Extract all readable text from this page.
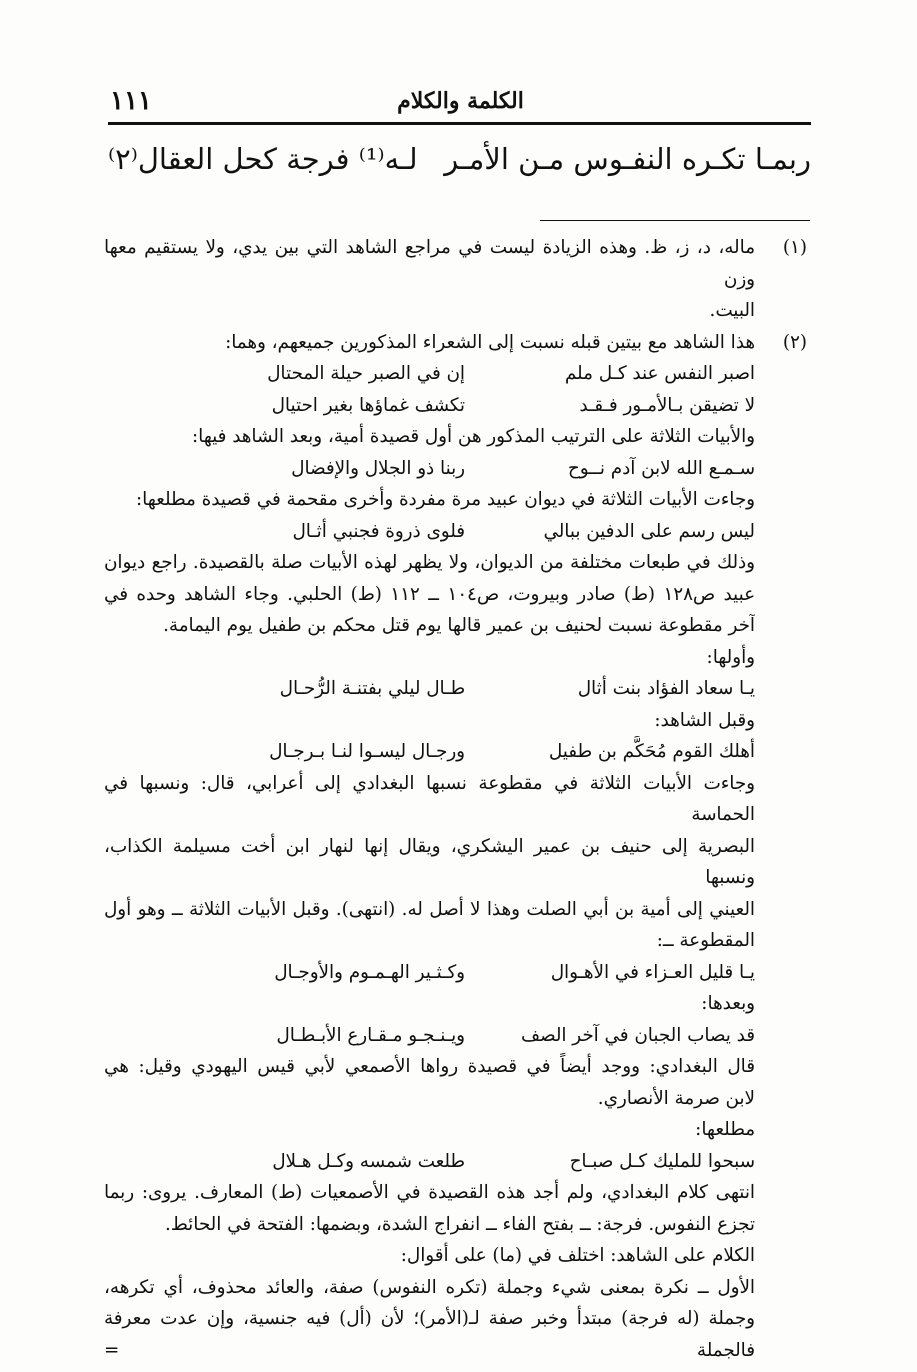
١١١	الكلمة والكلام
ربمـا تكـره النفـوس مـن الأمـر
لـه⁽¹⁾ فرجة كحل العقال⁽٢⁾
(١)
ماله، د، ز، ظ. وهذه الزيادة ليست في مراجع الشاهد التي بين يدي، ولا يستقيم معها وزن
البيت.
(٢)
هذا الشاهد مع بيتين قبله نسبت إلى الشعراء المذكورين جميعهم، وهما:
اصبر النفس عند كـل ملم
إن في الصبر حيلة المحتال
لا تضيقن بـالأمـور فـقـد
تكشف غماؤها بغير احتيال
والأبيات الثلاثة على الترتيب المذكور هن أول قصيدة أمية، وبعد الشاهد فيها:
سـمـع الله لابن آدم نــوح
ربنا ذو الجلال والإفضال
وجاءت الأبيات الثلاثة في ديوان عبيد مرة مفردة وأخرى مقحمة في قصيدة مطلعها:
ليس رسم على الدفين ببالي
فلوى ذروة فجنبي أثـال
وذلك في طبعات مختلفة من الديوان، ولا يظهر لهذه الأبيات صلة بالقصيدة. راجع ديوان
عبيد ص١٢٨ (ط) صادر وبيروت، ص١٠٤ ــ ١١٢ (ط) الحلبي. وجاء الشاهد وحده في
آخر مقطوعة نسبت لحنيف بن عمير قالها يوم قتل محكم بن طفيل يوم اليمامة.
وأولها:
يـا سعاد الفؤاد بنت أثال
طـال ليلي بفتنـة الرُّحـال
وقبل الشاهد:
أهلك القوم مُحَكَّم بن طفيل
ورجـال ليسـوا لنـا بـرجـال
وجاءت الأبيات الثلاثة في مقطوعة نسبها البغدادي إلى أعرابي، قال: ونسبها في الحماسة
البصرية إلى حنيف بن عمير اليشكري، ويقال إنها لنهار ابن أخت مسيلمة الكذاب، ونسبها
العيني إلى أمية بن أبي الصلت وهذا لا أصل له. (انتهى). وقبل الأبيات الثلاثة ــ وهو أول
المقطوعة ــ:
يـا قليل العـزاء في الأهـوال
وكـثـير الهـمـوم والأوجـال
وبعدها:
قد يصاب الجبان في آخر الصف
ويـنـجـو مـقـارع الأبـطـال
قال البغدادي: ووجد أيضاً في قصيدة رواها الأصمعي لأبي قيس اليهودي وقيل: هي
لابن صرمة الأنصاري.
مطلعها:
سبحوا للمليك كـل صبـاح
طلعت شمسه وكـل هـلال
انتهى كلام البغدادي، ولم أجد هذه القصيدة في الأصمعيات (ط) المعارف. يروى: ربما
تجزع النفوس. فرجة: ــ بفتح الفاء ــ انفراج الشدة، وبضمها: الفتحة في الحائط.
الكلام على الشاهد: اختلف في (ما) على أقوال:
الأول ــ نكرة بمعنى شيء وجملة (تكره النفوس) صفة، والعائد محذوف، أي تكرهه،
وجملة (له فرجة) مبتدأ وخبر صفة لـ(الأمر)؛ لأن (أل) فيه جنسية، وإن عدت معرفة فالجملة =
